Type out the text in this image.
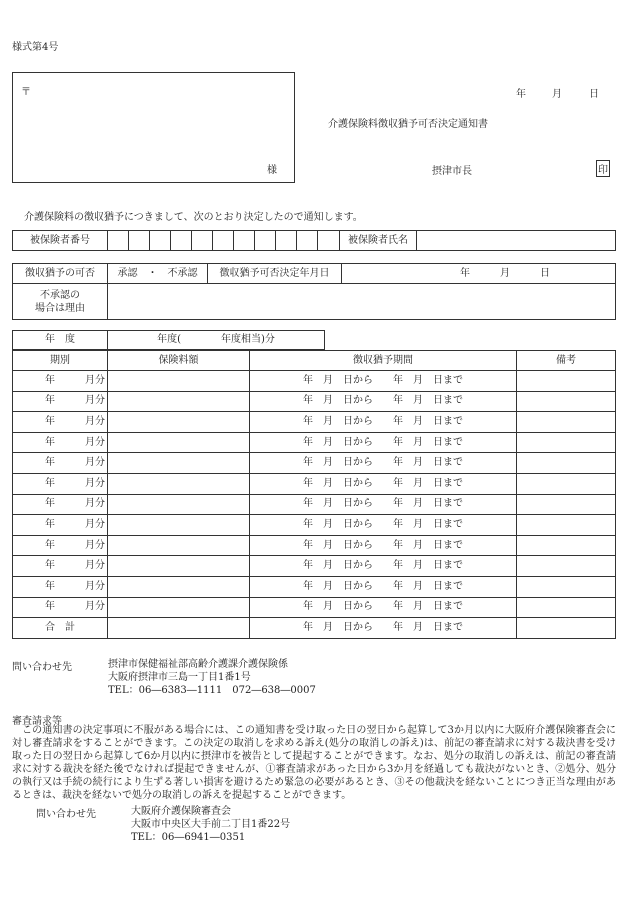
様式第4号
〒
様
年	月	日
介護保険料徴収猶予可否決定通知書
摂津市長	印
介護保険料の徴収猶予につきまして、次のとおり決定したので通知します。
被保険者番号												被保険者氏名	
徴収猶予の可否	承認　・　不承認	徴収猶予可否決定年月日	年　　　月　　　日
不承認の
場合は理由			
年　度	年度(　　　　年度相当)分
期別	保険料額	徴収猶予期間	備考
年　　　月分		年　月　日から　　年　月　日まで	
年　　　月分		年　月　日から　　年　月　日まで	
年　　　月分		年　月　日から　　年　月　日まで	
年　　　月分		年　月　日から　　年　月　日まで	
年　　　月分		年　月　日から　　年　月　日まで	
年　　　月分		年　月　日から　　年　月　日まで	
年　　　月分		年　月　日から　　年　月　日まで	
年　　　月分		年　月　日から　　年　月　日まで	
年　　　月分		年　月　日から　　年　月　日まで	
年　　　月分		年　月　日から　　年　月　日まで	
年　　　月分		年　月　日から　　年　月　日まで	
年　　　月分		年　月　日から　　年　月　日まで	
合　計		年　月　日から　　年　月　日まで	
問い合わせ先	摂津市保健福祉部高齢介護課介護保険係
大阪府摂津市三島一丁目1番1号
TEL：06―6383―1111　072―638―0007
審査請求等
この通知書の決定事項に不服がある場合には、この通知書を受け取った日の翌日から起算して3か月以内に大阪府介護保険審査会に対し審査請求をすることができます。この決定の取消しを求める訴え(処分の取消しの訴え)は、前記の審査請求に対する裁決書を受け取った日の翌日から起算して6か月以内に摂津市を被告として提起することができます。なお、処分の取消しの訴えは、前記の審査請求に対する裁決を経た後でなければ提起できませんが、①審査請求があった日から3か月を経過しても裁決がないとき、②処分、処分の執行又は手続の続行により生ずる著しい損害を避けるため緊急の必要があるとき、③その他裁決を経ないことにつき正当な理由があるときは、裁決を経ないで処分の取消しの訴えを提起することができます。
問い合わせ先	大阪府介護保険審査会
大阪市中央区大手前二丁目1番22号
TEL：06―6941―0351
